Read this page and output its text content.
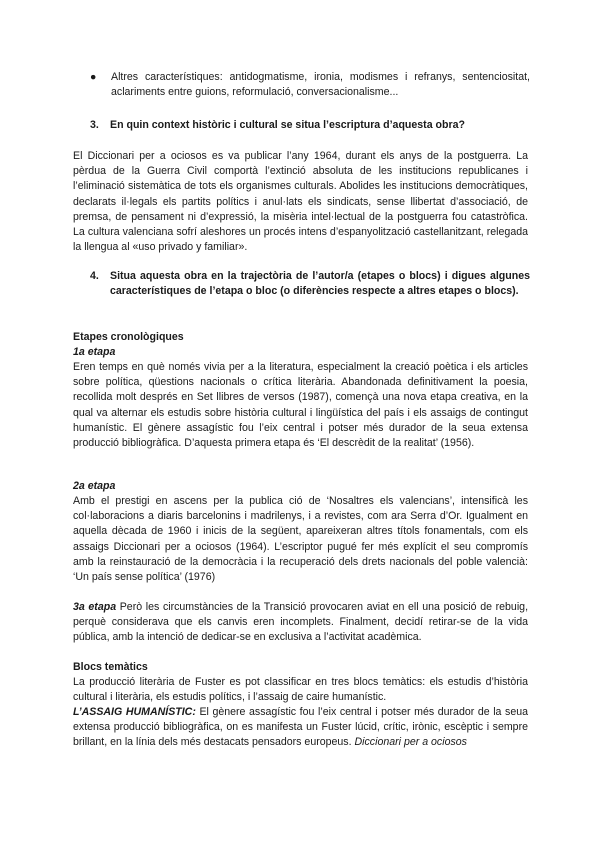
● Altres característiques: antidogmatisme, ironia, modismes i refranys, sentenciositat, aclariments entre guions, reformulació, conversacionalisme...
3. En quin context històric i cultural se situa l’escriptura d’aquesta obra?

El Diccionari per a ociosos es va publicar l’any 1964, durant els anys de la postguerra. La pèrdua de la Guerra Civil comportà l’extinció absoluta de les institucions republicanes i l’eliminació sistemàtica de tots els organismes culturals. Abolides les institucions democràtiques, declarats il·legals els partits polítics i anul·lats els sindicats, sense llibertat d’associació, de premsa, de pensament ni d’expressió, la misèria intel·lectual de la postguerra fou catastròfica. La cultura valenciana sofrí aleshores un procés intens d’espanyolització castellanitzant, relegada la llengua al «uso privado y familiar».

4. Situa aquesta obra en la trajectòria de l’autor/a (etapes o blocs) i digues algunes característiques de l’etapa o bloc (o diferències respecte a altres etapes o blocs).
Etapes cronològiques
1a etapa

Eren temps en què només vivia per a la literatura, especialment la creació poètica i els articles sobre política, qüestions nacionals o crítica literària. Abandonada definitivament la poesia, recollida molt després en Set llibres de versos (1987), començà una nova etapa creativa, en la qual va alternar els estudis sobre història cultural i lingüística del país i els assaigs de contingut humanístic. El gènere assagístic fou l’eix central i potser més durador de la seua extensa producció bibliogràfica. D’aquesta primera etapa és ‘El descrèdit de la realitat’ (1956).

2a etapa

Amb el prestigi en ascens per la publica ció de ‘Nosaltres els valencians’, intensificà les col·laboracions a diaris barcelonins i madrilenys, i a revistes, com ara Serra d’Or. Igualment en aquella dècada de 1960 i inicis de la següent, apareixeran altres títols fonamentals, com els assaigs Diccionari per a ociosos (1964). L’escriptor pugué fer més explícit el seu compromís amb la reinstauració de la democràcia i la recuperació dels drets nacionals del poble valencià: ‘Un país sense política’ (1976)

3a etapa Però les circumstàncies de la Transició provocaren aviat en ell una posició de rebuig, perquè considerava que els canvis eren incomplets. Finalment, decidí retirar-se de la vida pública, amb la intenció de dedicar-se en exclusiva a l’activitat acadèmica.

Blocs temàtics

La producció literària de Fuster es pot classificar en tres blocs temàtics: els estudis d’història cultural i literària, els estudis polítics, i l’assaig de caire humanístic.

L’ASSAIG HUMANÍSTIC: El gènere assagístic fou l’eix central i potser més durador de la seua extensa producció bibliogràfica, on es manifesta un Fuster lúcid, crític, irònic, escèptic i sempre brillant, en la línia dels més destacats pensadors europeus. Diccionari per a ociosos
